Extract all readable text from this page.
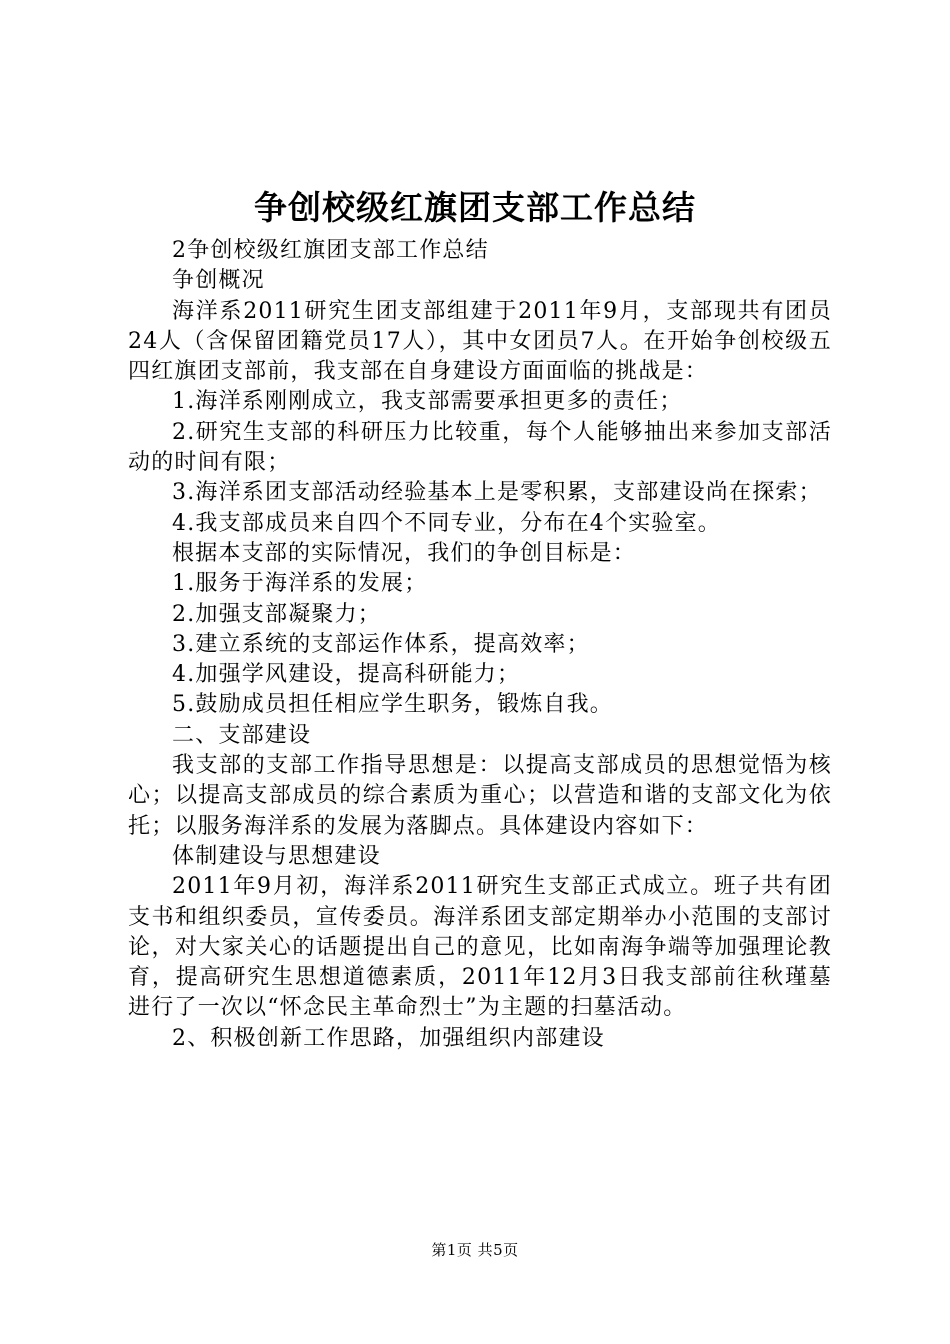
争创校级红旗团支部工作总结

2争创校级红旗团支部工作总结

争创概况

海洋系2011研究生团支部组建于2011年9月，支部现共有团员24人（含保留团籍党员17人），其中女团员7人。在开始争创校级五四红旗团支部前，我支部在自身建设方面面临的挑战是：

1.海洋系刚刚成立，我支部需要承担更多的责任；

2.研究生支部的科研压力比较重，每个人能够抽出来参加支部活动的时间有限；

3.海洋系团支部活动经验基本上是零积累，支部建设尚在探索；

4.我支部成员来自四个不同专业，分布在4个实验室。

根据本支部的实际情况，我们的争创目标是：

1.服务于海洋系的发展；

2.加强支部凝聚力；

3.建立系统的支部运作体系，提高效率；

4.加强学风建设，提高科研能力；

5.鼓励成员担任相应学生职务，锻炼自我。

二、支部建设

我支部的支部工作指导思想是：以提高支部成员的思想觉悟为核心；以提高支部成员的综合素质为重心；以营造和谐的支部文化为依托；以服务海洋系的发展为落脚点。具体建设内容如下：

体制建设与思想建设

2011年9月初，海洋系2011研究生支部正式成立。班子共有团支书和组织委员，宣传委员。海洋系团支部定期举办小范围的支部讨论，对大家关心的话题提出自己的意见，比如南海争端等加强理论教育，提高研究生思想道德素质，2011年12月3日我支部前往秋瑾墓进行了一次以“怀念民主革命烈士”为主题的扫墓活动。

2、积极创新工作思路，加强组织内部建设

第1页 共5页
